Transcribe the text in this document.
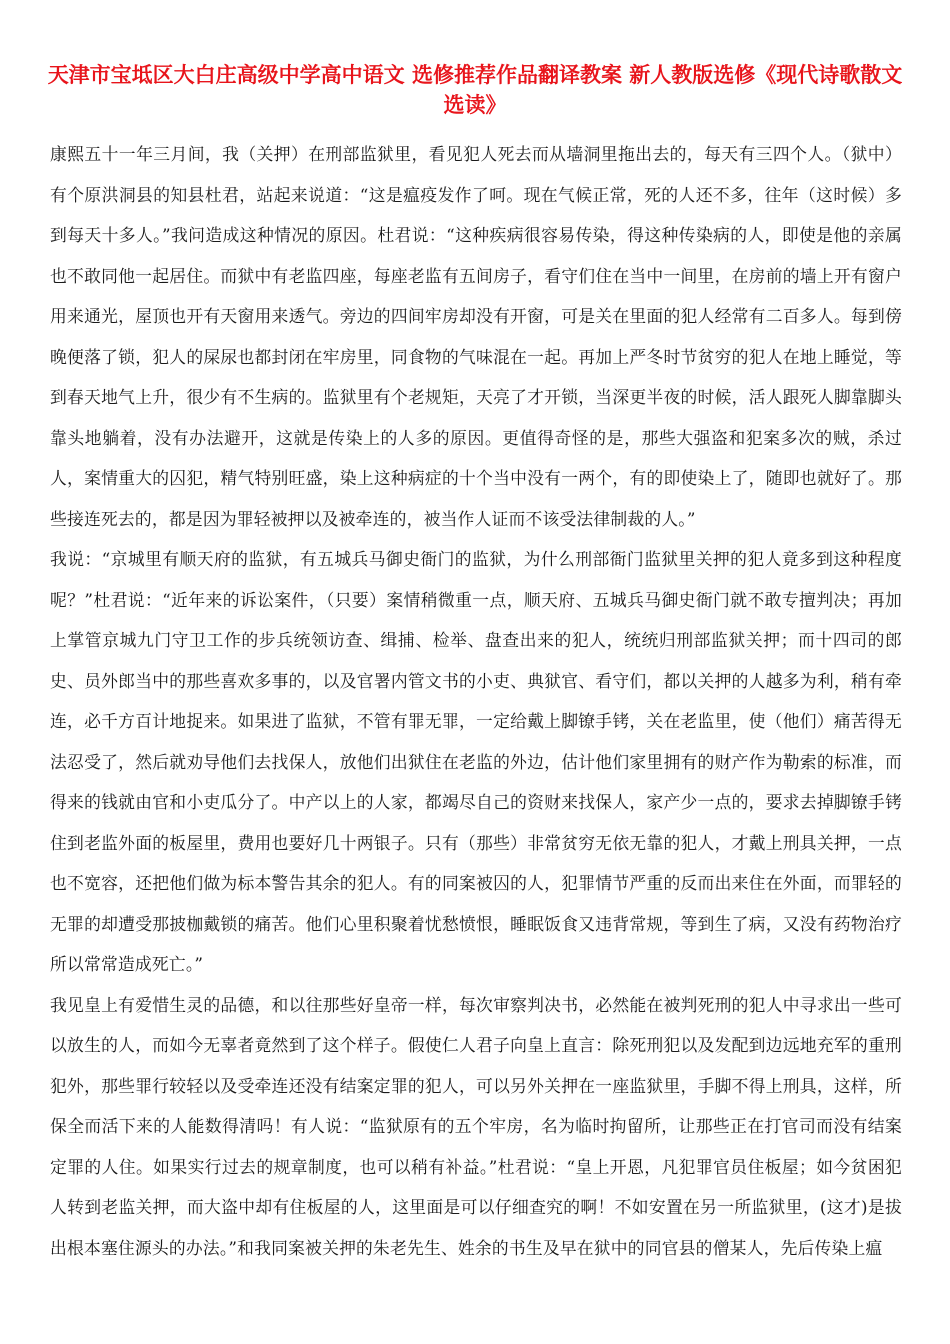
天津市宝坻区大白庄高级中学高中语文 选修推荐作品翻译教案 新人教版选修《现代诗歌散文选读》

康熙五十一年三月间，我（关押）在刑部监狱里，看见犯人死去而从墙洞里拖出去的，每天有三四个人。（狱中）有个原洪洞县的知县杜君，站起来说道：“这是瘟疫发作了呵。现在气候正常，死的人还不多，往年（这时候）多到每天十多人。”我问造成这种情况的原因。杜君说：“这种疾病很容易传染，得这种传染病的人，即使是他的亲属也不敢同他一起居住。而狱中有老监四座，每座老监有五间房子，看守们住在当中一间里，在房前的墙上开有窗户用来通光，屋顶也开有天窗用来透气。旁边的四间牢房却没有开窗，可是关在里面的犯人经常有二百多人。每到傍晚便落了锁，犯人的屎尿也都封闭在牢房里，同食物的气味混在一起。再加上严冬时节贫穷的犯人在地上睡觉，等到春天地气上升，很少有不生病的。监狱里有个老规矩，天亮了才开锁，当深更半夜的时候，活人跟死人脚靠脚头靠头地躺着，没有办法避开，这就是传染上的人多的原因。更值得奇怪的是，那些大强盗和犯案多次的贼，杀过人，案情重大的囚犯，精气特别旺盛，染上这种病症的十个当中没有一两个，有的即使染上了，随即也就好了。那些接连死去的，都是因为罪轻被押以及被牵连的，被当作人证而不该受法律制裁的人。”

我说：“京城里有顺天府的监狱，有五城兵马御史衙门的监狱，为什么刑部衙门监狱里关押的犯人竟多到这种程度呢？”杜君说：“近年来的诉讼案件，（只要）案情稍微重一点，顺天府、五城兵马御史衙门就不敢专擅判决；再加上掌管京城九门守卫工作的步兵统领访查、缉捕、检举、盘查出来的犯人，统统归刑部监狱关押；而十四司的郎史、员外郎当中的那些喜欢多事的，以及官署内管文书的小吏、典狱官、看守们，都以关押的人越多为利，稍有牵连，必千方百计地捉来。如果进了监狱，不管有罪无罪，一定给戴上脚镣手铐，关在老监里，使（他们）痛苦得无法忍受了，然后就劝导他们去找保人，放他们出狱住在老监的外边，估计他们家里拥有的财产作为勒索的标准，而得来的钱就由官和小吏瓜分了。中产以上的人家，都竭尽自己的资财来找保人，家产少一点的，要求去掉脚镣手铐住到老监外面的板屋里，费用也要好几十两银子。只有（那些）非常贫穷无依无靠的犯人，才戴上刑具关押，一点也不宽容，还把他们做为标本警告其余的犯人。有的同案被囚的人，犯罪情节严重的反而出来住在外面，而罪轻的无罪的却遭受那披枷戴锁的痛苦。他们心里积聚着忧愁愤恨，睡眠饭食又违背常规，等到生了病，又没有药物治疗所以常常造成死亡。”

我见皇上有爱惜生灵的品德，和以往那些好皇帝一样，每次审察判决书，必然能在被判死刑的犯人中寻求出一些可以放生的人，而如今无辜者竟然到了这个样子。假使仁人君子向皇上直言：除死刑犯以及发配到边远地充军的重刑犯外，那些罪行较轻以及受牵连还没有结案定罪的犯人，可以另外关押在一座监狱里，手脚不得上刑具，这样，所保全而活下来的人能数得清吗！有人说：“监狱原有的五个牢房，名为临时拘留所，让那些正在打官司而没有结案定罪的人住。如果实行过去的规章制度，也可以稍有补益。”杜君说：“皇上开恩，凡犯罪官员住板屋；如今贫困犯人转到老监关押，而大盗中却有住板屋的人，这里面是可以仔细查究的啊！不如安置在另一所监狱里，(这才)是拔出根本塞住源头的办法。”和我同案被关押的朱老先生、姓余的书生及早在狱中的同官县的僧某人，先后传染上瘟
